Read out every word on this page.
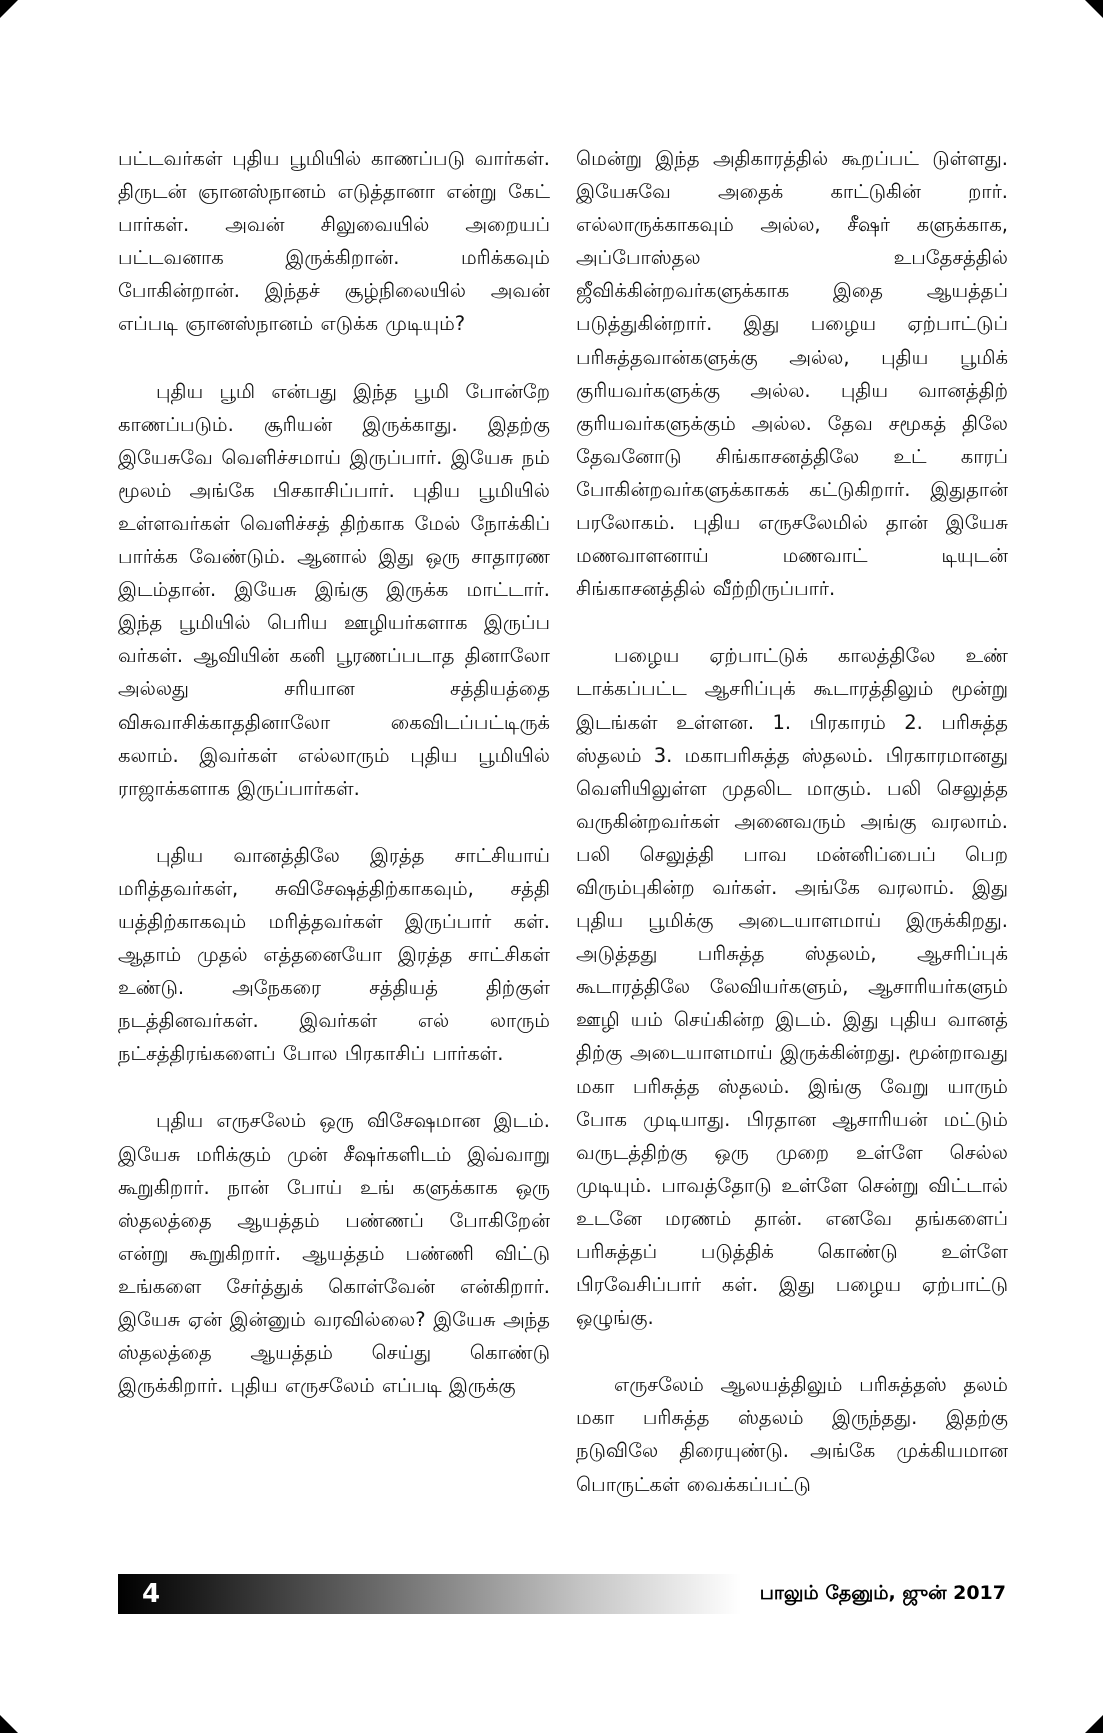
பட்டவர்கள் புதிய பூமியில் காணப்படு வார்கள். திருடன் ஞானஸ்நானம் எடுத்தானா என்று கேட் பார்கள். அவன் சிலுவையில் அறையப் பட்டவனாக இருக்கிறான். மரிக்கவும் போகின்றான். இந்தச் சூழ்நிலையில் அவன் எப்படி ஞானஸ்நானம் எடுக்க முடியும்?

புதிய பூமி என்பது இந்த பூமி போன்றே காணப்படும். சூரியன் இருக்காது. இதற்கு இயேசுவே வெளிச்சமாய் இருப்பார். இயேசு நம் மூலம் அங்கே பிசகாசிப்பார். புதிய பூமியில் உள்ளவர்கள் வெளிச்சத் திற்காக மேல் நோக்கிப் பார்க்க வேண்டும். ஆனால் இது ஒரு சாதாரண இடம்தான். இயேசு இங்கு இருக்க மாட்டார். இந்த பூமியில் பெரிய ஊழியர்களாக இருப்ப வர்கள். ஆவியின் கனி பூரணப்படாத தினாலோ அல்லது சரியான சத்தியத்தை விசுவாசிக்காததினாலோ கைவிடப்பட்டிருக் கலாம். இவர்கள் எல்லாரும் புதிய பூமியில் ராஜாக்களாக இருப்பார்கள்.

புதிய வானத்திலே இரத்த சாட்சியாய் மரித்தவர்கள், சுவிசேஷத்திற்காகவும், சத்தி யத்திற்காகவும் மரித்தவர்கள் இருப்பார் கள். ஆதாம் முதல் எத்தனையோ இரத்த சாட்சிகள் உண்டு. அநேகரை சத்தியத் திற்குள் நடத்தினவர்கள். இவர்கள் எல் லாரும் நட்சத்திரங்களைப் போல பிரகாசிப் பார்கள்.

புதிய எருசலேம் ஒரு விசேஷமான இடம். இயேசு மரிக்கும் முன் சீஷர்களிடம் இவ்வாறு கூறுகிறார். நான் போய் உங் களுக்காக ஒரு ஸ்தலத்தை ஆயத்தம் பண்ணப் போகிறேன் என்று கூறுகிறார். ஆயத்தம் பண்ணி விட்டு உங்களை சேர்த்துக் கொள்வேன் என்கிறார். இயேசு ஏன் இன்னும் வரவில்லை? இயேசு அந்த ஸ்தலத்தை ஆயத்தம் செய்து கொண்டு இருக்கிறார். புதிய எருசலேம் எப்படி இருக்கு

மென்று இந்த அதிகாரத்தில் கூறப்பட் டுள்ளது. இயேசுவே அதைக் காட்டுகின் றார். எல்லாருக்காகவும் அல்ல, சீஷர் களுக்காக, அப்போஸ்தல உபதேசத்தில் ஜீவிக்கின்றவர்களுக்காக இதை ஆயத்தப் படுத்துகின்றார். இது பழைய ஏற்பாட்டுப் பரிசுத்தவான்களுக்கு அல்ல, புதிய பூமிக் குரியவர்களுக்கு அல்ல. புதிய வானத்திற் குரியவர்களுக்கும் அல்ல. தேவ சமூகத் திலே தேவனோடு சிங்காசனத்திலே உட் காரப் போகின்றவர்களுக்காகக் கட்டுகிறார். இதுதான் பரலோகம். புதிய எருசலேமில் தான் இயேசு மணவாளனாய் மணவாட் டியுடன் சிங்காசனத்தில் வீற்றிருப்பார்.

பழைய ஏற்பாட்டுக் காலத்திலே உண் டாக்கப்பட்ட ஆசரிப்புக் கூடாரத்திலும் மூன்று இடங்கள் உள்ளன. 1. பிரகாரம் 2. பரிசுத்த ஸ்தலம் 3. மகாபரிசுத்த ஸ்தலம். பிரகாரமானது வெளியிலுள்ள முதலிட மாகும். பலி செலுத்த வருகின்றவர்கள் அனைவரும் அங்கு வரலாம். பலி செலுத்தி பாவ மன்னிப்பைப் பெற விரும்புகின்ற வர்கள். அங்கே வரலாம். இது புதிய பூமிக்கு அடையாளமாய் இருக்கிறது. அடுத்தது பரிசுத்த ஸ்தலம், ஆசரிப்புக் கூடாரத்திலே லேவியர்களும், ஆசாரியர்களும் ஊழி யம் செய்கின்ற இடம். இது புதிய வானத் திற்கு அடையாளமாய் இருக்கின்றது. மூன்றாவது மகா பரிசுத்த ஸ்தலம். இங்கு வேறு யாரும் போக முடியாது. பிரதான ஆசாரியன் மட்டும் வருடத்திற்கு ஒரு முறை உள்ளே செல்ல முடியும். பாவத்தோடு உள்ளே சென்று விட்டால் உடனே மரணம் தான். எனவே தங்களைப் பரிசுத்தப் படுத்திக் கொண்டு உள்ளே பிரவேசிப்பார் கள். இது பழைய ஏற்பாட்டு ஒழுங்கு.

எருசலேம் ஆலயத்திலும் பரிசுத்தஸ் தலம் மகா பரிசுத்த ஸ்தலம் இருந்தது. இதற்கு நடுவிலே திரையுண்டு. அங்கே முக்கியமான பொருட்கள் வைக்கப்பட்டு

4	பாலும் தேனும், ஜுன் 2017
